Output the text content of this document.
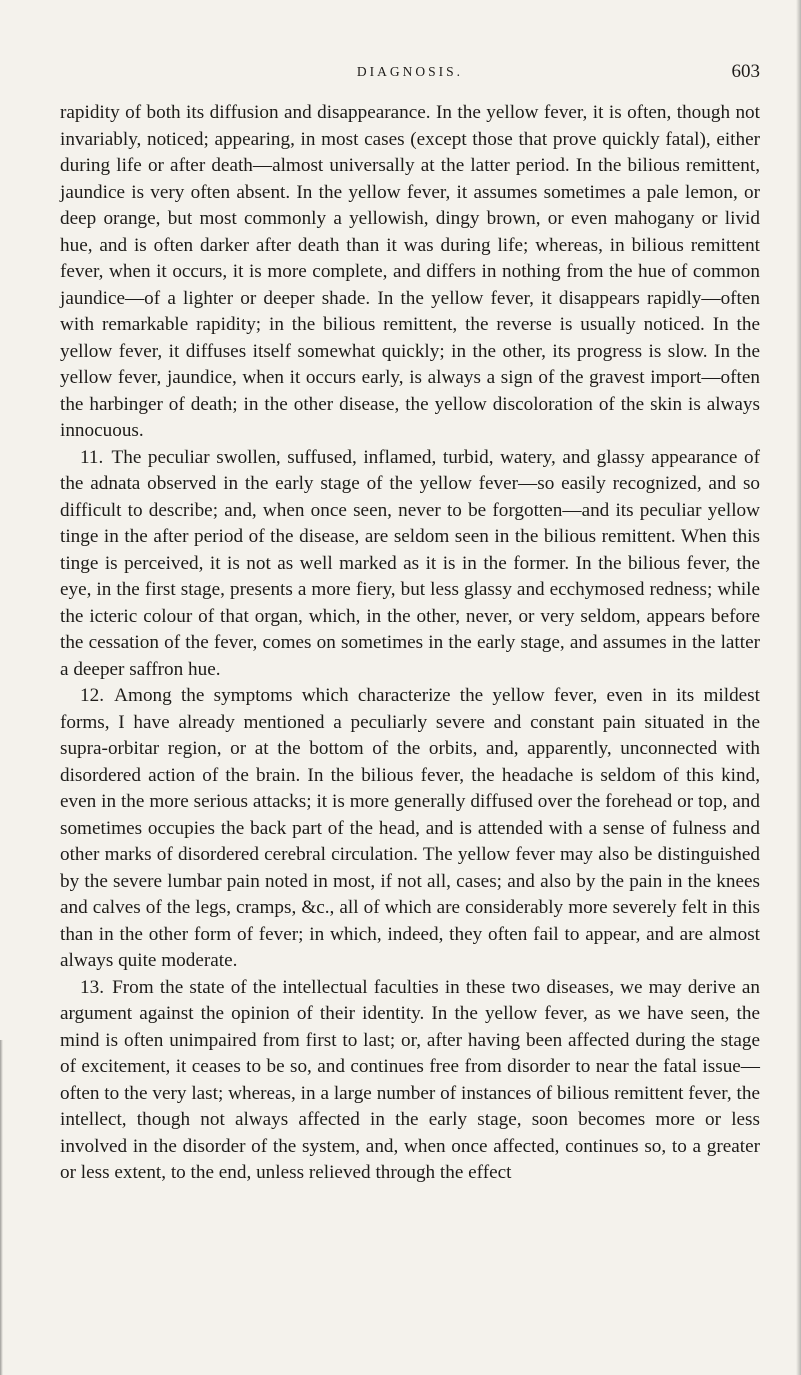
DIAGNOSIS.	603

rapidity of both its diffusion and disappearance. In the yellow fever, it is often, though not invariably, noticed; appearing, in most cases (except those that prove quickly fatal), either during life or after death—almost universally at the latter period. In the bilious remittent, jaundice is very often absent. In the yellow fever, it assumes sometimes a pale lemon, or deep orange, but most commonly a yellowish, dingy brown, or even mahogany or livid hue, and is often darker after death than it was during life; whereas, in bilious remittent fever, when it occurs, it is more complete, and differs in nothing from the hue of common jaundice—of a lighter or deeper shade. In the yellow fever, it disappears rapidly—often with remarkable rapidity; in the bilious remittent, the reverse is usually noticed. In the yellow fever, it diffuses itself somewhat quickly; in the other, its progress is slow. In the yellow fever, jaundice, when it occurs early, is always a sign of the gravest import—often the harbinger of death; in the other disease, the yellow discoloration of the skin is always innocuous.

11. The peculiar swollen, suffused, inflamed, turbid, watery, and glassy appearance of the adnata observed in the early stage of the yellow fever—so easily recognized, and so difficult to describe; and, when once seen, never to be forgotten—and its peculiar yellow tinge in the after period of the disease, are seldom seen in the bilious remittent. When this tinge is perceived, it is not as well marked as it is in the former. In the bilious fever, the eye, in the first stage, presents a more fiery, but less glassy and ecchymosed redness; while the icteric colour of that organ, which, in the other, never, or very seldom, appears before the cessation of the fever, comes on sometimes in the early stage, and assumes in the latter a deeper saffron hue.

12. Among the symptoms which characterize the yellow fever, even in its mildest forms, I have already mentioned a peculiarly severe and constant pain situated in the supra-orbitar region, or at the bottom of the orbits, and, apparently, unconnected with disordered action of the brain. In the bilious fever, the headache is seldom of this kind, even in the more serious attacks; it is more generally diffused over the forehead or top, and sometimes occupies the back part of the head, and is attended with a sense of fulness and other marks of disordered cerebral circulation. The yellow fever may also be distinguished by the severe lumbar pain noted in most, if not all, cases; and also by the pain in the knees and calves of the legs, cramps, &c., all of which are considerably more severely felt in this than in the other form of fever; in which, indeed, they often fail to appear, and are almost always quite moderate.

13. From the state of the intellectual faculties in these two diseases, we may derive an argument against the opinion of their identity. In the yellow fever, as we have seen, the mind is often unimpaired from first to last; or, after having been affected during the stage of excitement, it ceases to be so, and continues free from disorder to near the fatal issue—often to the very last; whereas, in a large number of instances of bilious remittent fever, the intellect, though not always affected in the early stage, soon becomes more or less involved in the disorder of the system, and, when once affected, continues so, to a greater or less extent, to the end, unless relieved through the effect
